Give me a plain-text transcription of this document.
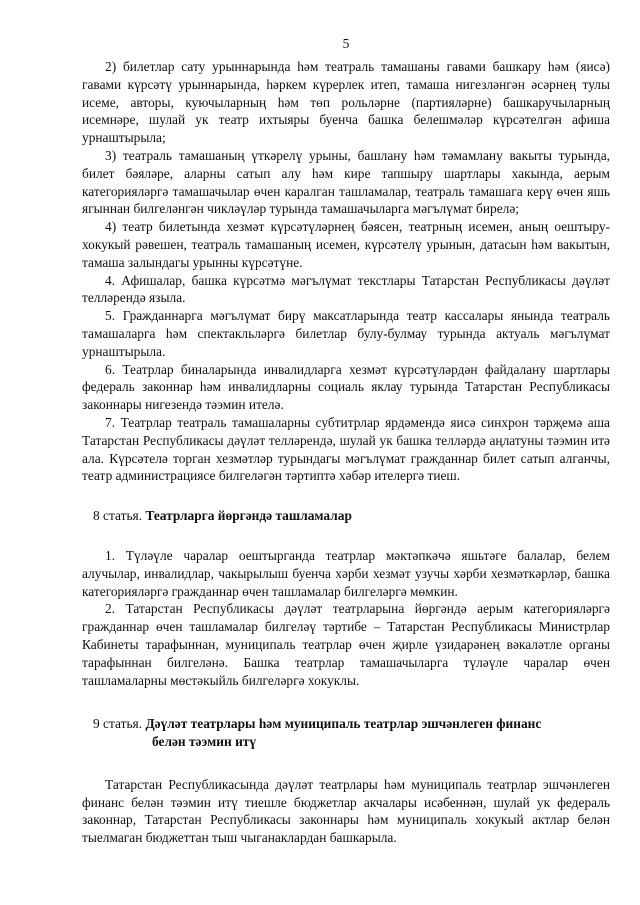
5

2) билетлар сату урыннарында һәм театраль тамашаны гавами башкару һәм (яисә) гавами күрсәтү урыннарында, һәркем күрерлек итеп, тамаша нигезләнгән әсәрнең тулы исеме, авторы, куючыларның һәм төп рольләрне (партияләрне) башкаручыларның исемнәре, шулай ук театр ихтыяры буенча башка белешмәләр күрсәтелгән афиша урнаштырыла;

3) театраль тамашаның үткәрелү урыны, башлану һәм тәмамлану вакыты турында, билет бәяләре, аларны сатып алу һәм кире тапшыру шартлары хакында, аерым категорияләргә тамашачылар өчен каралган ташламалар, театраль тамашага керү өчен яшь ягыннан билгеләнгән чикләүләр турында тамашачыларга мәгълүмат бирелә;

4) театр билетында хезмәт күрсәтүләрнең бәясен, театрның исемен, аның оештыру-хокукый рәвешен, театраль тамашаның исемен, күрсәтелү урынын, датасын һәм вакытын, тамаша залындагы урынны күрсәтүне.

4. Афишалар, башка күрсәтмә мәгълүмат текстлары Татарстан Республикасы дәүләт телләрендә языла.

5. Гражданнарга мәгълүмат бирү максатларында театр кассалары янында театраль тамашаларга һәм спектакльләргә билетлар булу-булмау турында актуаль мәгълүмат урнаштырыла.

6. Театрлар биналарында инвалидларга хезмәт күрсәтүләрдән файдалану шартлары федераль законнар һәм инвалидларны социаль яклау турында Татарстан Республикасы законнары нигезендә тәэмин ителә.

7. Театрлар театраль тамашаларны субтитрлар ярдәмендә яисә синхрон тәрҗемә аша Татарстан Республикасы дәүләт телләрендә, шулай ук башка телләрдә аңлатуны тәэмин итә ала. Күрсәтелә торган хезмәтләр турындагы мәгълүмат гражданнар билет сатып алганчы, театр администрациясе билгеләгән тәртиптә хәбәр ителергә тиеш.

8 статья. Театрларга йөргәндә ташламалар

1. Түләүле чаралар оештырганда театрлар мәктәпкәчә яшьтәге балалар, белем алучылар, инвалидлар, чакырылыш буенча хәрби хезмәт узучы хәрби хезмәткәрләр, башка категорияләргә гражданнар өчен ташламалар билгеләргә мөмкин.

2. Татарстан Республикасы дәүләт театрларына йөргәндә аерым категорияләргә гражданнар өчен ташламалар билгеләү тәртибе – Татарстан Республикасы Министрлар Кабинеты тарафыннан, муниципаль театрлар өчен җирле үзидарәнең вәкаләтле органы тарафыннан билгеләнә. Башка театрлар тамашачыларга түләүле чаралар өчен ташламаларны мөстәкыйль билгеләргә хокуклы.

9 статья. Дәүләт театрлары һәм муниципаль театрлар эшчәнлеген финанс
белән тәэмин итү

Татарстан Республикасында дәүләт театрлары һәм муниципаль театрлар эшчәнлеген финанс белән тәэмин итү тиешле бюджетлар акчалары исәбеннән, шулай ук федераль законнар, Татарстан Республикасы законнары һәм муниципаль хокукый актлар белән тыелмаган бюджеттан тыш чыганаклардан башкарыла.
